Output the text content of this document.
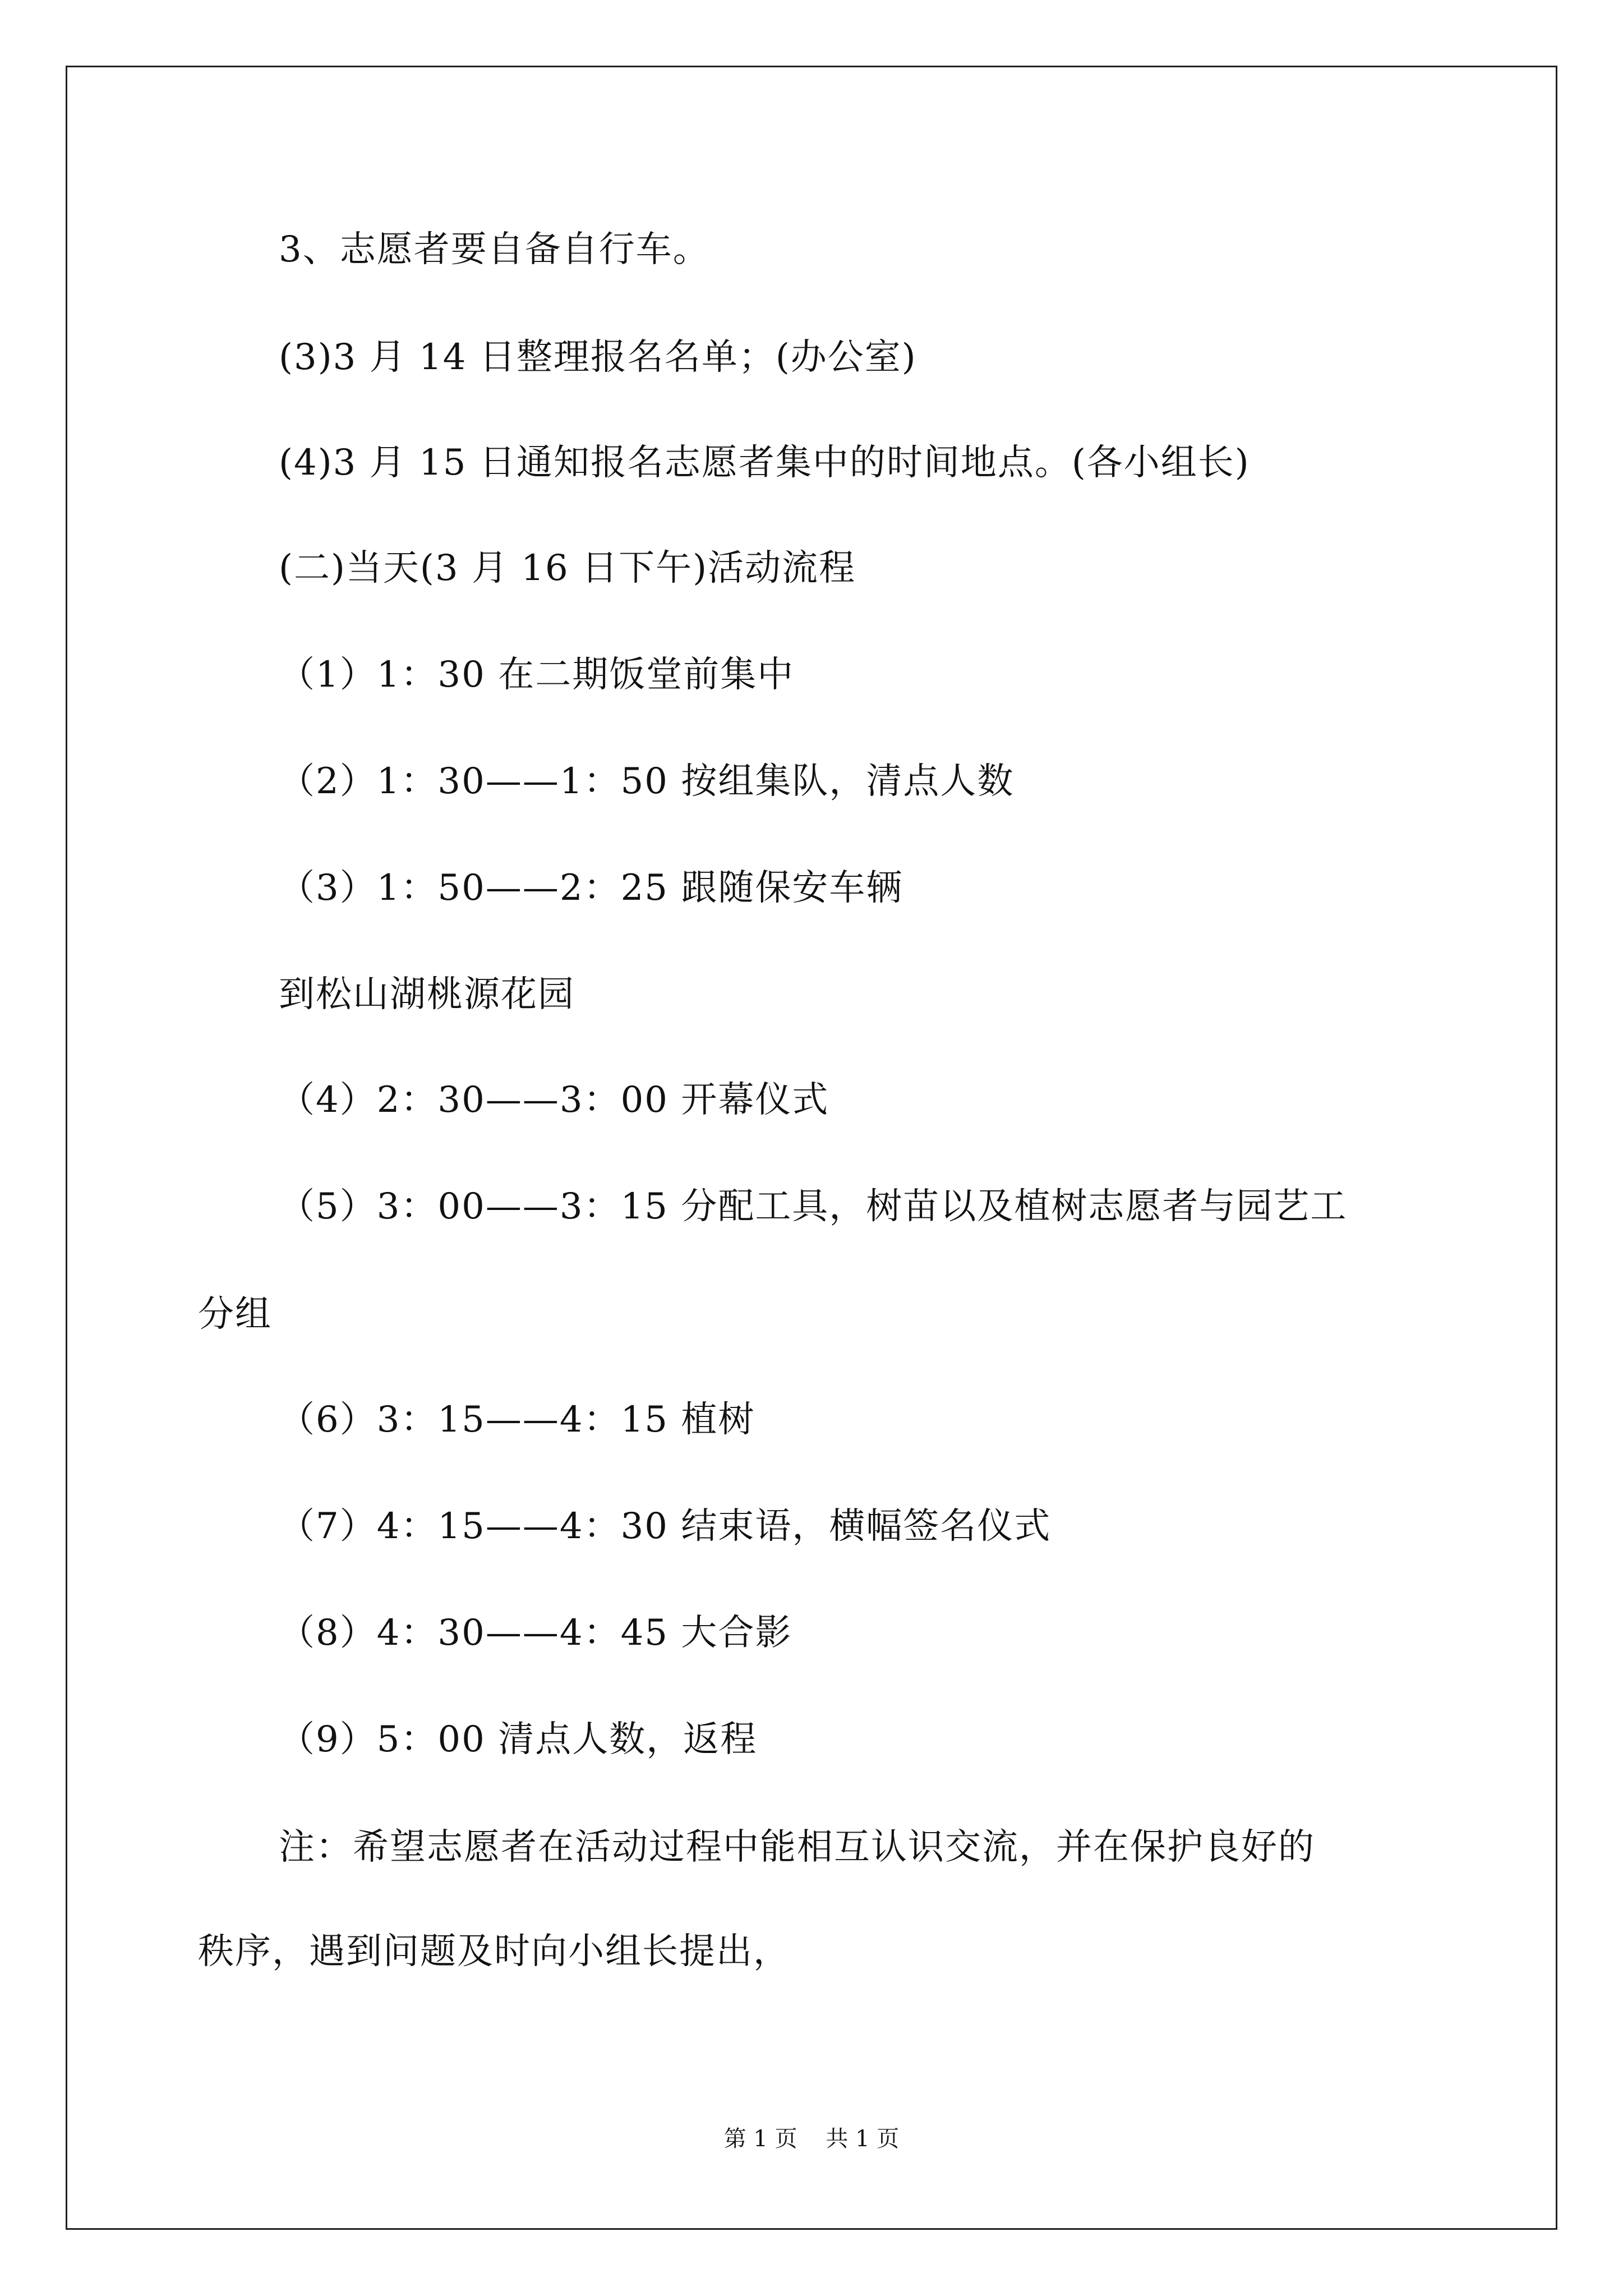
3、志愿者要自备自行车。
(3)3 月 14 日整理报名名单；(办公室)
(4)3 月 15 日通知报名志愿者集中的时间地点。(各小组长)
(二)当天(3 月 16 日下午)活动流程
（1）1：30 在二期饭堂前集中
（2）1：30——1：50 按组集队，清点人数
（3）1：50——2：25 跟随保安车辆
到松山湖桃源花园
（4）2：30——3：00 开幕仪式
（5）3：00——3：15 分配工具，树苗以及植树志愿者与园艺工
分组
（6）3：15——4：15 植树
（7）4：15——4：30 结束语，横幅签名仪式
（8）4：30——4：45 大合影
（9）5：00 清点人数，返程
注：希望志愿者在活动过程中能相互认识交流，并在保护良好的
秩序，遇到问题及时向小组长提出，
第 1 页    共 1 页
